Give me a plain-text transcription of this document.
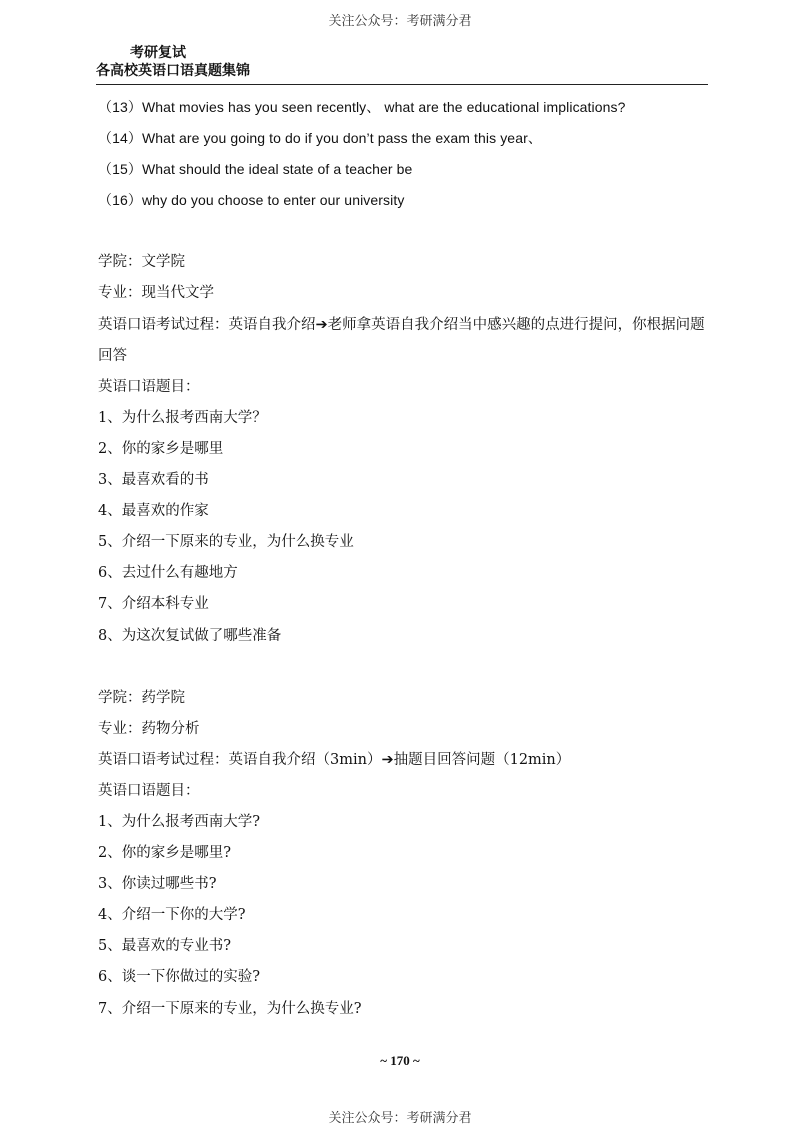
关注公众号：考研满分君
考研复试
各高校英语口语真题集锦
（13）What movies has you seen recently、 what are the educational implications?
（14）What are you going to do if you don’t pass the exam this year、
（15）What should the ideal state of a teacher be
（16）why do you choose to enter our university
学院：文学院
专业：现当代文学
英语口语考试过程：英语自我介绍➔老师拿英语自我介绍当中感兴趣的点进行提问，你根据问题回答
英语口语题目：
1、为什么报考西南大学？
2、你的家乡是哪里
3、最喜欢看的书
4、最喜欢的作家
5、介绍一下原来的专业，为什么换专业
6、去过什么有趣地方
7、介绍本科专业
8、为这次复试做了哪些准备
学院：药学院
专业：药物分析
英语口语考试过程：英语自我介绍（3min）➔抽题目回答问题（12min）
英语口语题目：
1、为什么报考西南大学?
2、你的家乡是哪里?
3、你读过哪些书?
4、介绍一下你的大学?
5、最喜欢的专业书?
6、谈一下你做过的实验?
7、介绍一下原来的专业，为什么换专业?
~ 170 ~
关注公众号：考研满分君
